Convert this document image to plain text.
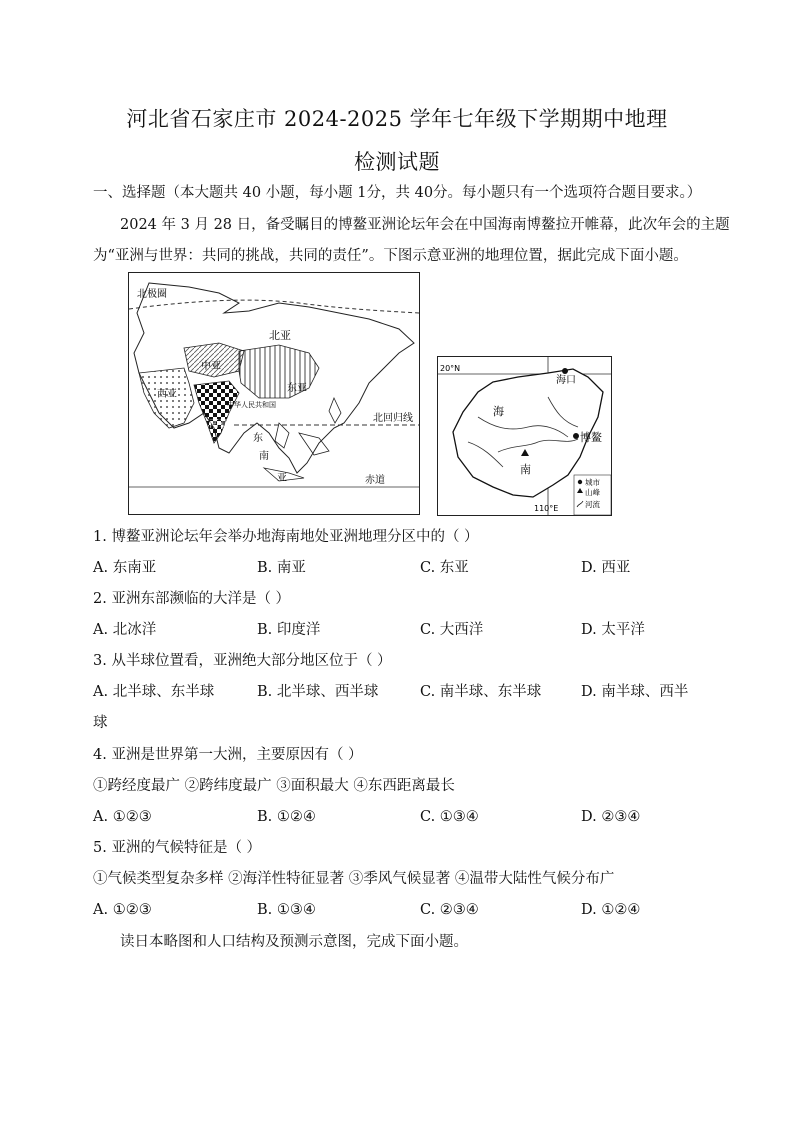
河北省石家庄市 2024-2025 学年七年级下学期期中地理
检测试题
一、选择题（本大题共 40 小题，每小题 1分，共 40分。每小题只有一个选项符合题目要求。）
2024 年 3 月 28 日，备受瞩目的博鳌亚洲论坛年会在中国海南博鳌拉开帷幕，此次年会的主题
为“亚洲与世界：共同的挑战，共同的责任”。下图示意亚洲的地理位置，据此完成下面小题。
北极圈
北亚
中亚
西亚
东亚
中华人民共和国
南亚
北回归线
东
南
亚	赤道
20°N
110°E
海口
博鳌
海
南
城市
山峰
河流
1. 博鳌亚洲论坛年会举办地海南地处亚洲地理分区中的（ ）
A. 东南亚	B. 南亚	C. 东亚	D. 西亚
2. 亚洲东部濒临的大洋是（ ）
A. 北冰洋	B. 印度洋	C. 大西洋	D. 太平洋
3. 从半球位置看，亚洲绝大部分地区位于（ ）
A. 北半球、东半球	B. 北半球、西半球	C. 南半球、东半球	D. 南半球、西半
球
4. 亚洲是世界第一大洲，主要原因有（ ）
①跨经度最广 ②跨纬度最广 ③面积最大 ④东西距离最长
A. ①②③	B. ①②④	C. ①③④	D. ②③④
5. 亚洲的气候特征是（ ）
①气候类型复杂多样 ②海洋性特征显著 ③季风气候显著 ④温带大陆性气候分布广
A. ①②③	B. ①③④	C. ②③④	D. ①②④
读日本略图和人口结构及预测示意图，完成下面小题。
